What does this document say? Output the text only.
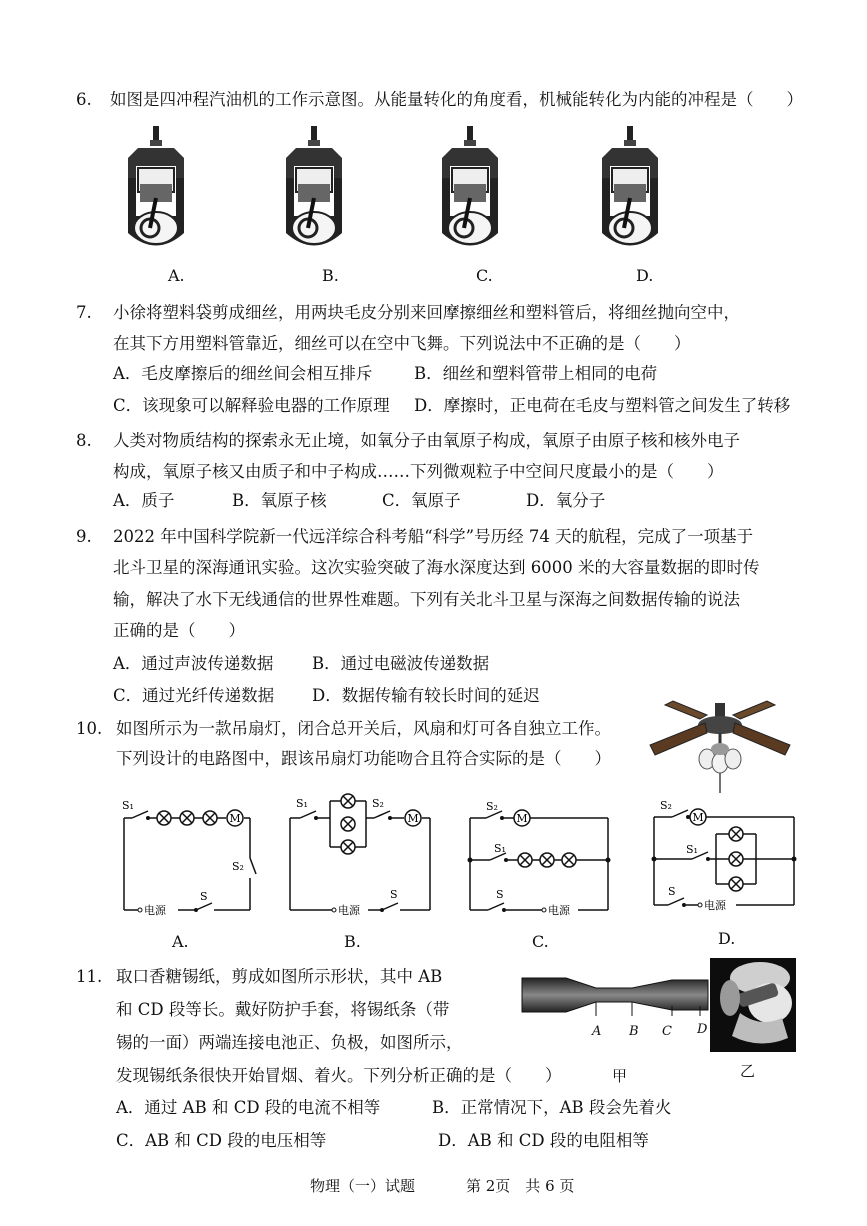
6. 如图是四冲程汽油机的工作示意图。从能量转化的角度看，机械能转化为内能的冲程是（　　）
A.	B.	C.	D.
7. 小徐将塑料袋剪成细丝，用两块毛皮分别来回摩擦细丝和塑料管后，将细丝抛向空中，
在其下方用塑料管靠近，细丝可以在空中飞舞。下列说法中不正确的是（　　）
A．毛皮摩擦后的细丝间会相互排斥	B．细丝和塑料管带上相同的电荷
C．该现象可以解释验电器的工作原理 D．摩擦时，正电荷在毛皮与塑料管之间发生了转移
8. 人类对物质结构的探索永无止境，如氧分子由氧原子构成，氧原子由原子核和核外电子
构成，氧原子核又由质子和中子构成……下列微观粒子中空间尺度最小的是（　　）
A．质子	B．氧原子核	C．氧原子	D．氧分子
9. 2022 年中国科学院新一代远洋综合科考船“科学”号历经 74 天的航程，完成了一项基于
北斗卫星的深海通讯实验。这次实验突破了海水深度达到 6000 米的大容量数据的即时传
输，解决了水下无线通信的世界性难题。下列有关北斗卫星与深海之间数据传输的说法
正确的是（　　）
A．通过声波传递数据 B．通过电磁波传递数据
C．通过光纤传递数据 D．数据传输有较长时间的延迟
10. 如图所示为一款吊扇灯，闭合总开关后，风扇和灯可各自独立工作。
下列设计的电路图中，跟该吊扇灯功能吻合且符合实际的是（　　）
M
S₁
S₂
S
电源
M
S₁	S₂
S
电源
M
S₂
S₁
S
电源
M
S₂
S₁
S
电源
A.	B.	C.	D.
11. 取口香糖锡纸，剪成如图所示形状，其中 AB
和 CD 段等长。戴好防护手套，将锡纸条（带
锡的一面）两端连接电池正、负极，如图所示，
发现锡纸条很快开始冒烟、着火。下列分析正确的是（　　）	甲
A B C D
乙
A．通过 AB 和 CD 段的电流不相等	B．正常情况下，AB 段会先着火
C．AB 和 CD 段的电压相等	D．AB 和 CD 段的电阻相等
物理（一）试题	第 2页　共 6 页
